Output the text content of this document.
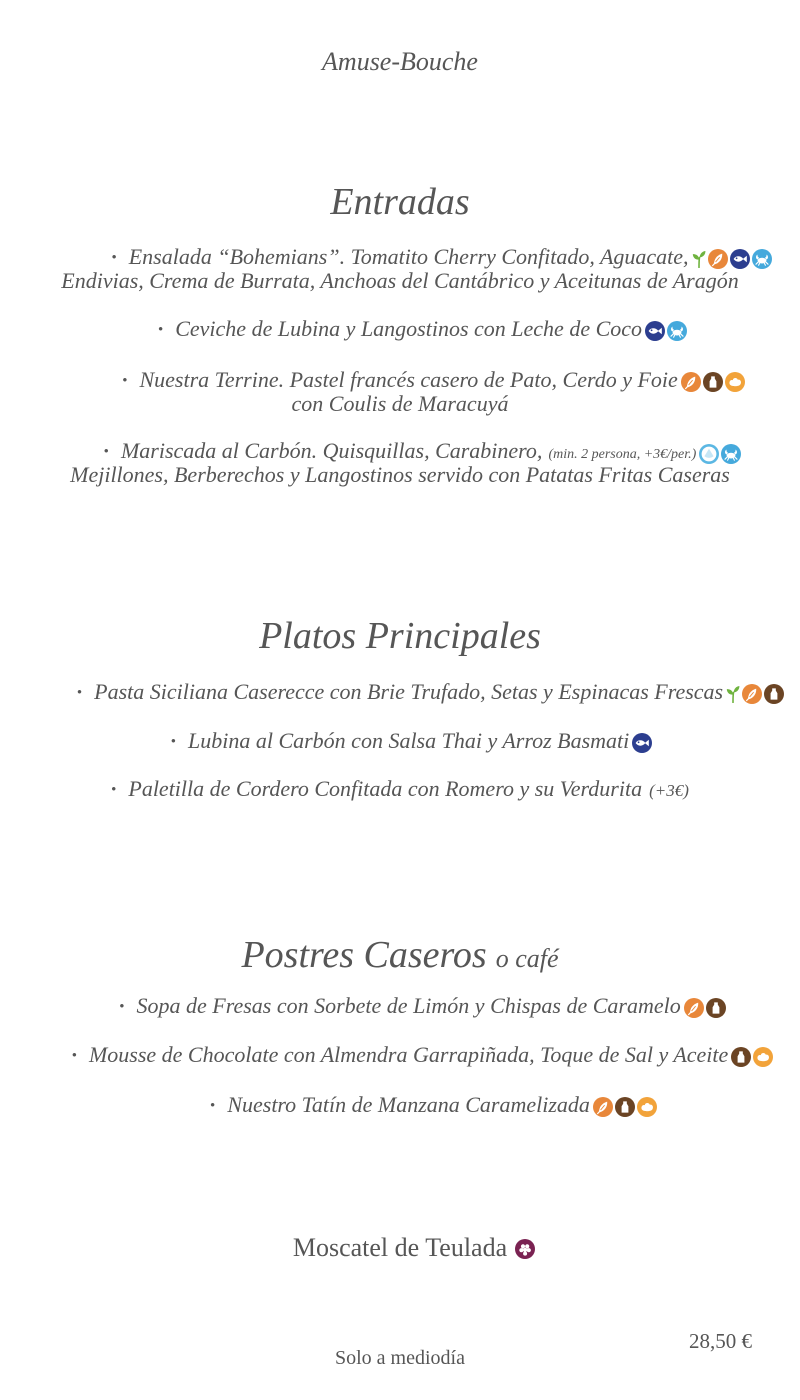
Amuse-Bouche
Entradas
• Ensalada “Bohemians”. Tomatito Cherry Confitado, Aguacate,
Endivias, Crema de Burrata, Anchoas del Cantábrico y Aceitunas de Aragón
• Ceviche de Lubina y Langostinos con Leche de Coco
• Nuestra Terrine. Pastel francés casero de Pato, Cerdo y Foie
con Coulis de Maracuyá
• Mariscada al Carbón. Quisquillas, Carabinero, (min. 2 persona, +3€/per.)
Mejillones, Berberechos y Langostinos servido con Patatas Fritas Caseras
Platos Principales
• Pasta Siciliana Caserecce con Brie Trufado, Setas y Espinacas Frescas
• Lubina al Carbón con Salsa Thai y Arroz Basmati
• Paletilla de Cordero Confitada con Romero y su Verdurita (+3€)
Postres Caseros o café
• Sopa de Fresas con Sorbete de Limón y Chispas de Caramelo
• Mousse de Chocolate con Almendra Garrapiñada, Toque de Sal y Aceite
• Nuestro Tatín de Manzana Caramelizada
Moscatel de Teulada
28,50 €
Solo a mediodía
